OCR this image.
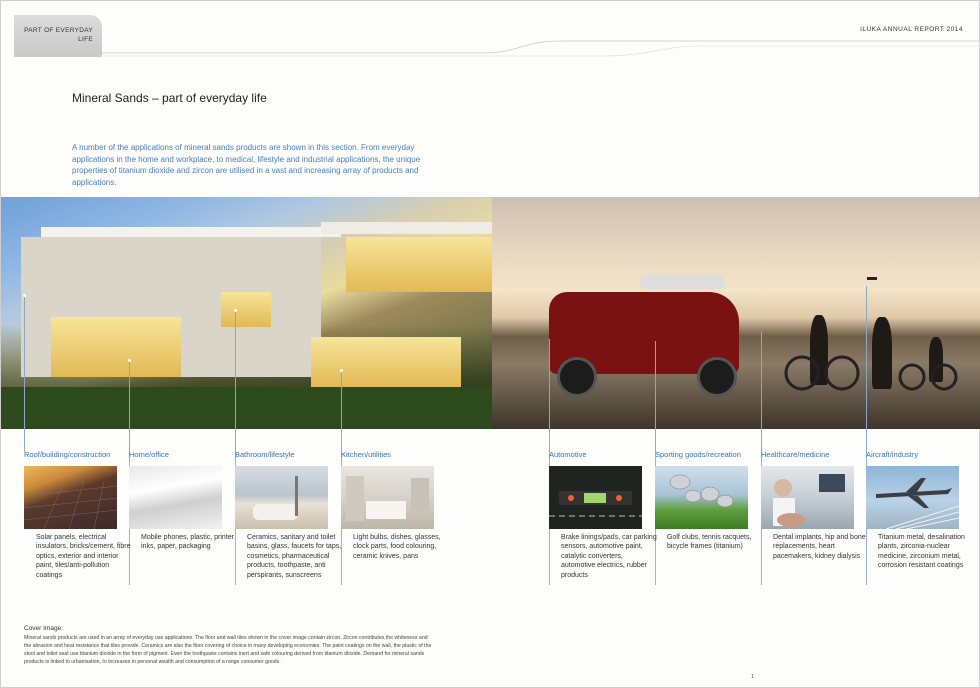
PART OF EVERYDAY LIFE
ILUKA ANNUAL REPORT 2014
Mineral Sands – part of everyday life
A number of the applications of mineral sands products are shown in this section. From everyday applications in the home and workplace, to medical, lifestyle and industrial applications, the unique properties of titanium dioxide and zircon are utilised in a vast and increasing array of products and applications.
Roof/building/construction
Solar panels, electrical insulators, bricks/cement, fibre optics, exterior and interior paint, tiles/anti-pollution coatings
Home/office
Mobile phones, plastic, printer inks, paper, packaging
Bathroom/lifestyle
Ceramics, sanitary and toilet basins, glass, faucets for taps, cosmetics, pharmaceutical products, toothpaste, anti perspirants, sunscreens
Kitchen/utilities
Light bulbs, dishes, glasses, clock parts, food colouring, ceramic knives, pans
Automotive
Brake linings/pads, car parking sensors, automotive paint, catalytic converters, automotive electrics, rubber products
Sporting goods/recreation
Golf clubs, tennis racquets, bicycle frames (titanium)
Healthcare/medicine
Dental implants, hip and bone replacements, heart pacemakers, kidney dialysis
Aircraft/industry
Titanium metal, desalination plants, zirconia-nuclear medicine, zirconium metal, corrosion resistant coatings
Cover Image:
Mineral sands products are used in an array of everyday use applications. The floor and wall tiles shown in the cover image contain zircon. Zircon contributes the whiteness and the abrasion and heat resistance that tiles provide. Ceramics are also the floor covering of choice in many developing economies. The paint coatings on the wall, the plastic of the stool and toilet seat use titanium dioxide in the form of pigment. Even the toothpaste contains inert and safe colouring derived from titanium dioxide. Demand for mineral sands products is linked to urbanisation, to increases in personal wealth and consumption of a range consumer goods.
1
